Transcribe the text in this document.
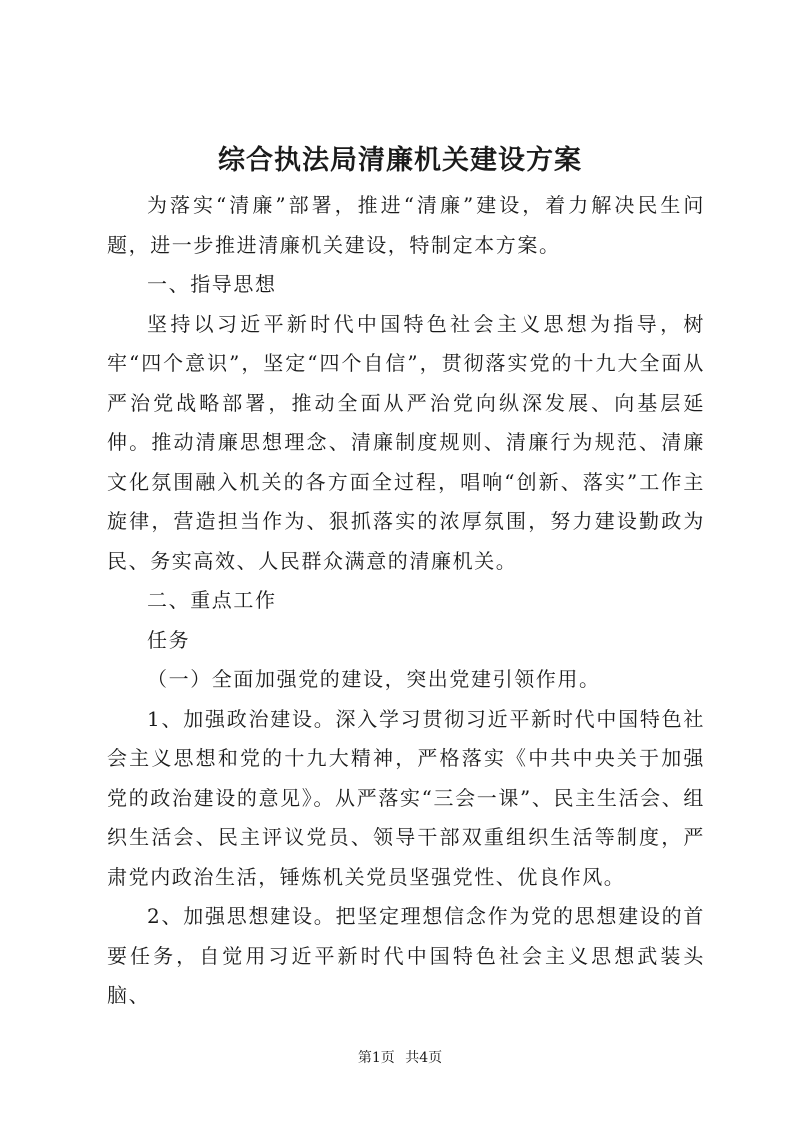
综合执法局清廉机关建设方案

为落实“清廉”部署，推进“清廉”建设，着力解决民生问题，进一步推进清廉机关建设，特制定本方案。

一、指导思想

坚持以习近平新时代中国特色社会主义思想为指导，树牢“四个意识”，坚定“四个自信”，贯彻落实党的十九大全面从严治党战略部署，推动全面从严治党向纵深发展、向基层延伸。推动清廉思想理念、清廉制度规则、清廉行为规范、清廉文化氛围融入机关的各方面全过程，唱响“创新、落实”工作主旋律，营造担当作为、狠抓落实的浓厚氛围，努力建设勤政为民、务实高效、人民群众满意的清廉机关。

二、重点工作

任务

（一）全面加强党的建设，突出党建引领作用。

1、加强政治建设。深入学习贯彻习近平新时代中国特色社会主义思想和党的十九大精神，严格落实《中共中央关于加强党的政治建设的意见》。从严落实“三会一课”、民主生活会、组织生活会、民主评议党员、领导干部双重组织生活等制度，严肃党内政治生活，锤炼机关党员坚强党性、优良作风。

2、加强思想建设。把坚定理想信念作为党的思想建设的首要任务，自觉用习近平新时代中国特色社会主义思想武装头脑、

第1页 共4页
